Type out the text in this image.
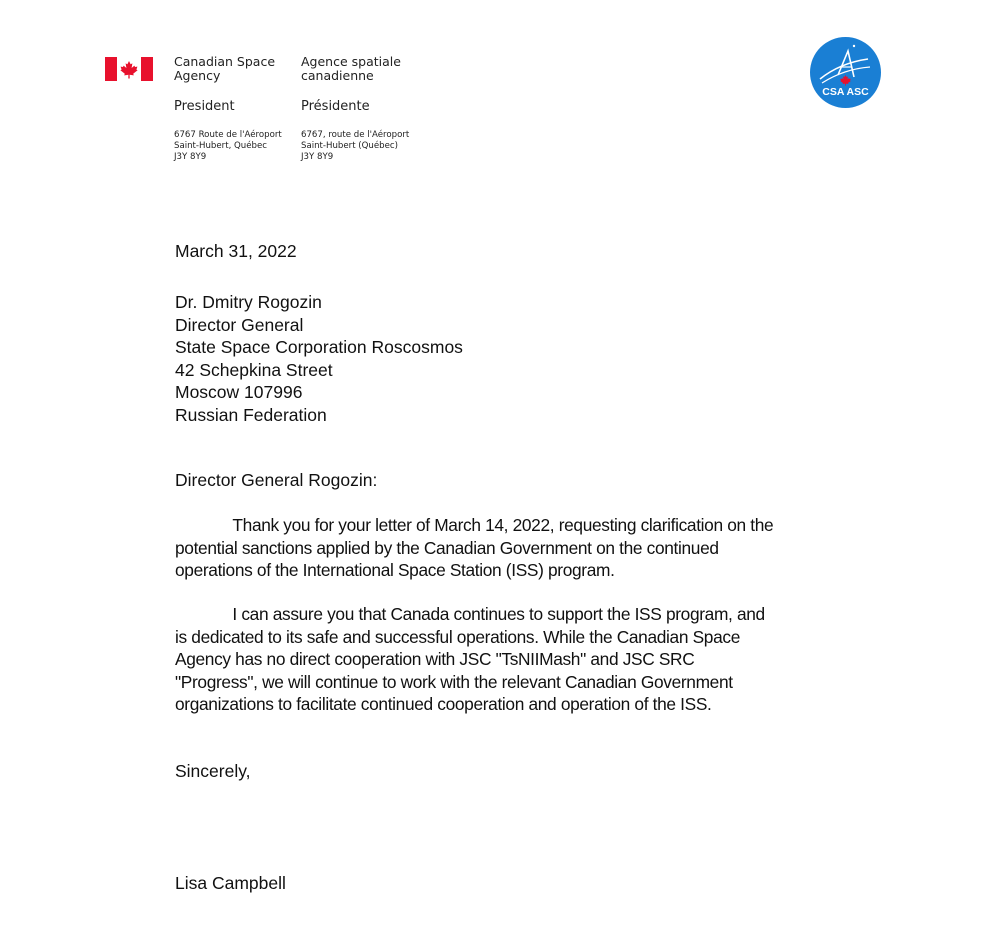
Canadian Space
Agency
President
6767 Route de l'Aéroport
Saint-Hubert, Québec
J3Y 8Y9
Agence spatiale
canadienne
Présidente
6767, route de l'Aéroport
Saint-Hubert (Québec)
J3Y 8Y9
CSA ASC
March 31, 2022
Dr. Dmitry Rogozin
Director General
State Space Corporation Roscosmos
42 Schepkina Street
Moscow 107996
Russian Federation
Director General Rogozin:
Thank you for your letter of March 14, 2022, requesting clarification on the
potential sanctions applied by the Canadian Government on the continued
operations of the International Space Station (ISS) program.
I can assure you that Canada continues to support the ISS program, and
is dedicated to its safe and successful operations. While the Canadian Space
Agency has no direct cooperation with JSC "TsNIIMash" and JSC SRC
"Progress", we will continue to work with the relevant Canadian Government
organizations to facilitate continued cooperation and operation of the ISS.
Sincerely,
Lisa Campbell
